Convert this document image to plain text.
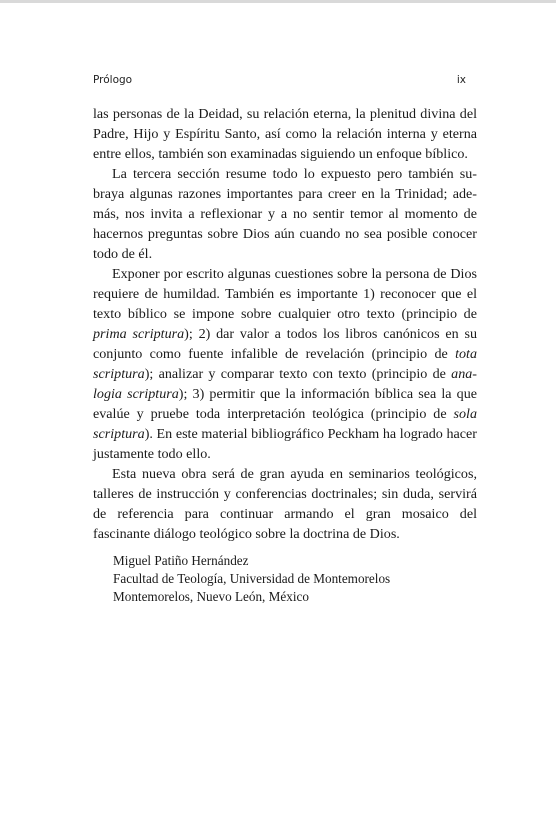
Prólogo	ix

las personas de la Deidad, su relación eterna, la plenitud divina del Padre, Hijo y Espíritu Santo, así como la relación interna y eterna entre ellos, también son examinadas siguiendo un enfoque bíblico.

La tercera sección resume todo lo expuesto pero también subraya algunas razones importantes para creer en la Trinidad; además, nos invita a reflexionar y a no sentir temor al momento de hacernos preguntas sobre Dios aún cuando no sea posible conocer todo de él.

Exponer por escrito algunas cuestiones sobre la persona de Dios requiere de humildad. También es importante 1) reconocer que el texto bíblico se impone sobre cualquier otro texto (principio de prima scriptura); 2) dar valor a todos los libros canónicos en su conjunto como fuente infalible de revelación (principio de tota scriptura); analizar y comparar texto con texto (principio de analogia scriptura); 3) permitir que la información bíblica sea la que evalúe y pruebe toda interpretación teológica (principio de sola scriptura). En este material bibliográfico Peckham ha logrado hacer justamente todo ello.

Esta nueva obra será de gran ayuda en seminarios teológicos, talleres de instrucción y conferencias doctrinales; sin duda, servirá de referencia para continuar armando el gran mosaico del fascinante diálogo teológico sobre la doctrina de Dios.

Miguel Patiño Hernández
Facultad de Teología, Universidad de Montemorelos
Montemorelos, Nuevo León, México
